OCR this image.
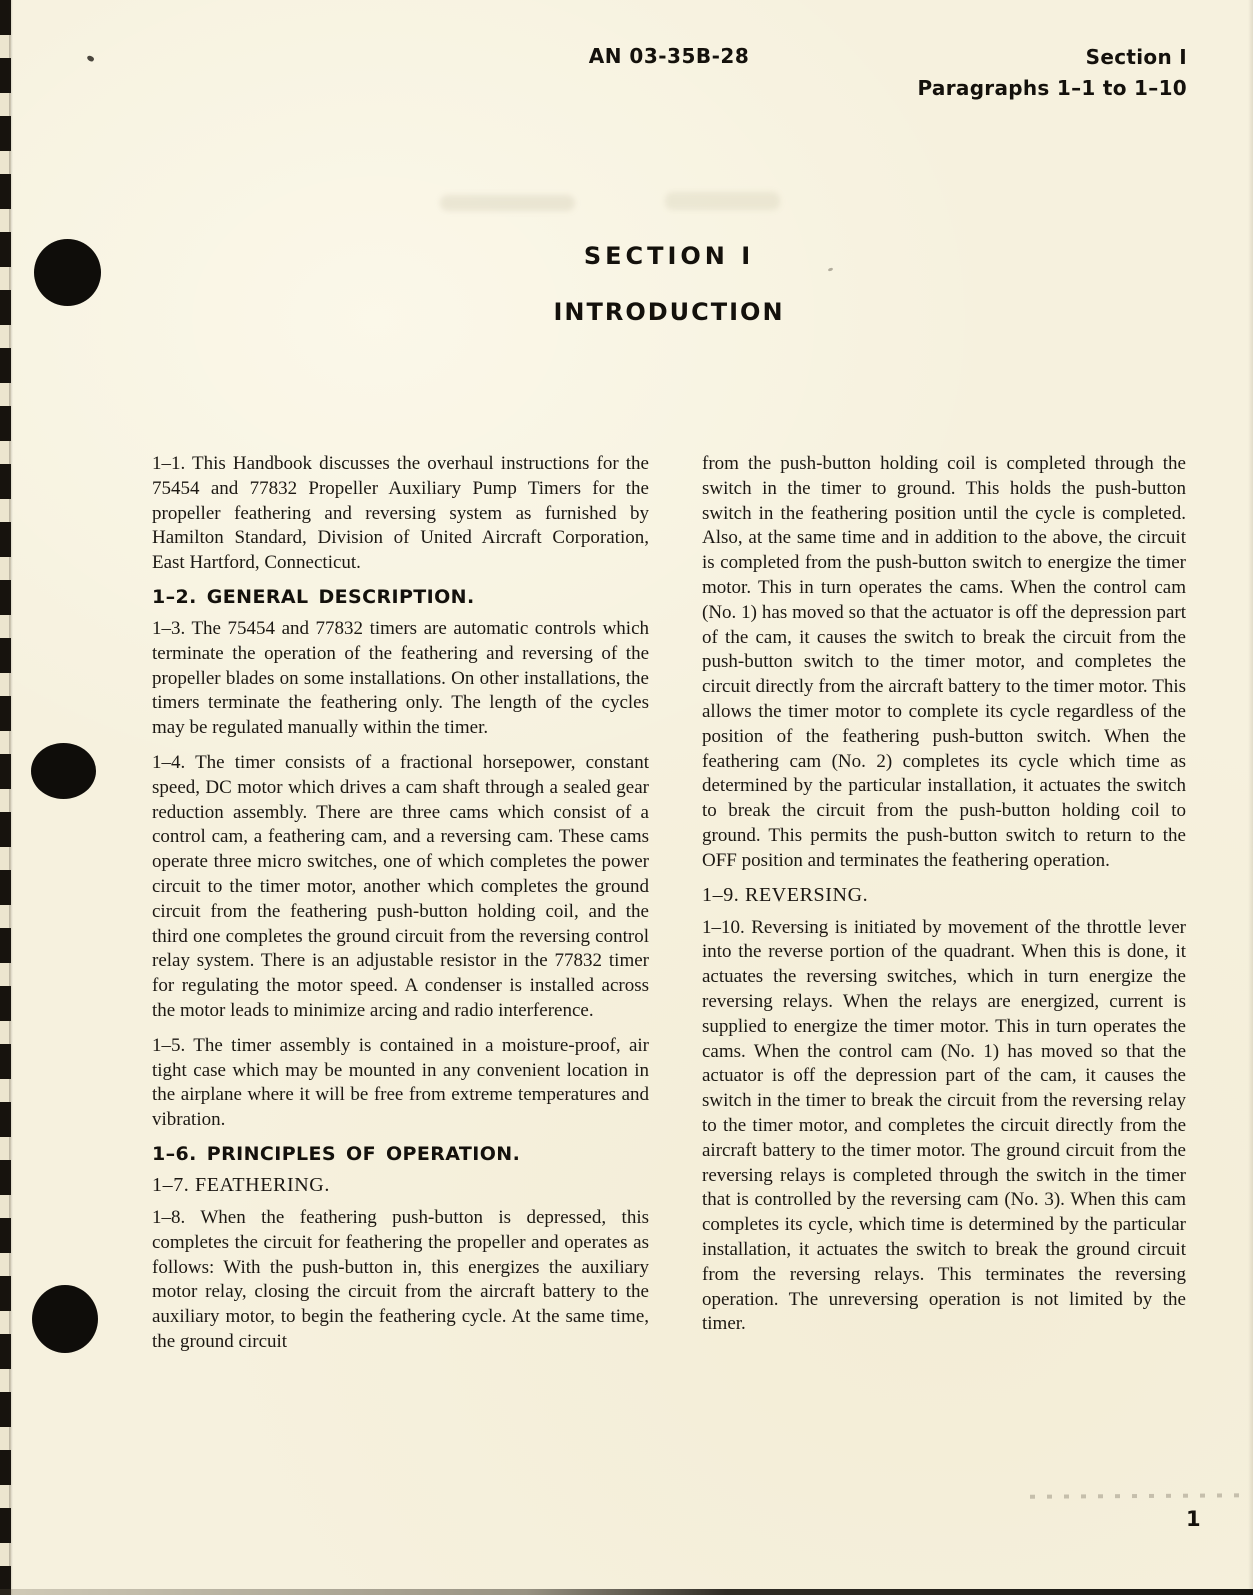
AN 03-35B-28	Section I
Paragraphs 1–1 to 1–10
SECTION I
INTRODUCTION

1–1. This Handbook discusses the overhaul instructions for the 75454 and 77832 Propeller Auxiliary Pump Timers for the propeller feathering and reversing system as furnished by Hamilton Standard, Division of United Aircraft Corporation, East Hartford, Connecticut.

1–2. GENERAL DESCRIPTION.

1–3. The 75454 and 77832 timers are automatic controls which terminate the operation of the feathering and reversing of the propeller blades on some installations. On other installations, the timers terminate the feathering only. The length of the cycles may be regulated manually within the timer.

1–4. The timer consists of a fractional horsepower, constant speed, DC motor which drives a cam shaft through a sealed gear reduction assembly. There are three cams which consist of a control cam, a feathering cam, and a reversing cam. These cams operate three micro switches, one of which completes the power circuit to the timer motor, another which completes the ground circuit from the feathering push-button holding coil, and the third one completes the ground circuit from the reversing control relay system. There is an adjustable resistor in the 77832 timer for regulating the motor speed. A condenser is installed across the motor leads to minimize arcing and radio interference.

1–5. The timer assembly is contained in a moisture-proof, air tight case which may be mounted in any convenient location in the airplane where it will be free from extreme temperatures and vibration.

1–6. PRINCIPLES OF OPERATION.
1–7. FEATHERING.

1–8. When the feathering push-button is depressed, this completes the circuit for feathering the propeller and operates as follows: With the push-button in, this energizes the auxiliary motor relay, closing the circuit from the aircraft battery to the auxiliary motor, to begin the feathering cycle. At the same time, the ground circuit

from the push-button holding coil is completed through the switch in the timer to ground. This holds the push-button switch in the feathering position until the cycle is completed. Also, at the same time and in addition to the above, the circuit is completed from the push-button switch to energize the timer motor. This in turn operates the cams. When the control cam (No. 1) has moved so that the actuator is off the depression part of the cam, it causes the switch to break the circuit from the push-button switch to the timer motor, and completes the circuit directly from the aircraft battery to the timer motor. This allows the timer motor to complete its cycle regardless of the position of the feathering push-button switch. When the feathering cam (No. 2) completes its cycle which time as determined by the particular installation, it actuates the switch to break the circuit from the push-button holding coil to ground. This permits the push-button switch to return to the OFF position and terminates the feathering operation.

1–9. REVERSING.

1–10. Reversing is initiated by movement of the throttle lever into the reverse portion of the quadrant. When this is done, it actuates the reversing switches, which in turn energize the reversing relays. When the relays are energized, current is supplied to energize the timer motor. This in turn operates the cams. When the control cam (No. 1) has moved so that the actuator is off the depression part of the cam, it causes the switch in the timer to break the circuit from the reversing relay to the timer motor, and completes the circuit directly from the aircraft battery to the timer motor. The ground circuit from the reversing relays is completed through the switch in the timer that is controlled by the reversing cam (No. 3). When this cam completes its cycle, which time is determined by the particular installation, it actuates the switch to break the ground circuit from the reversing relays. This terminates the reversing operation. The unreversing operation is not limited by the timer.

1
